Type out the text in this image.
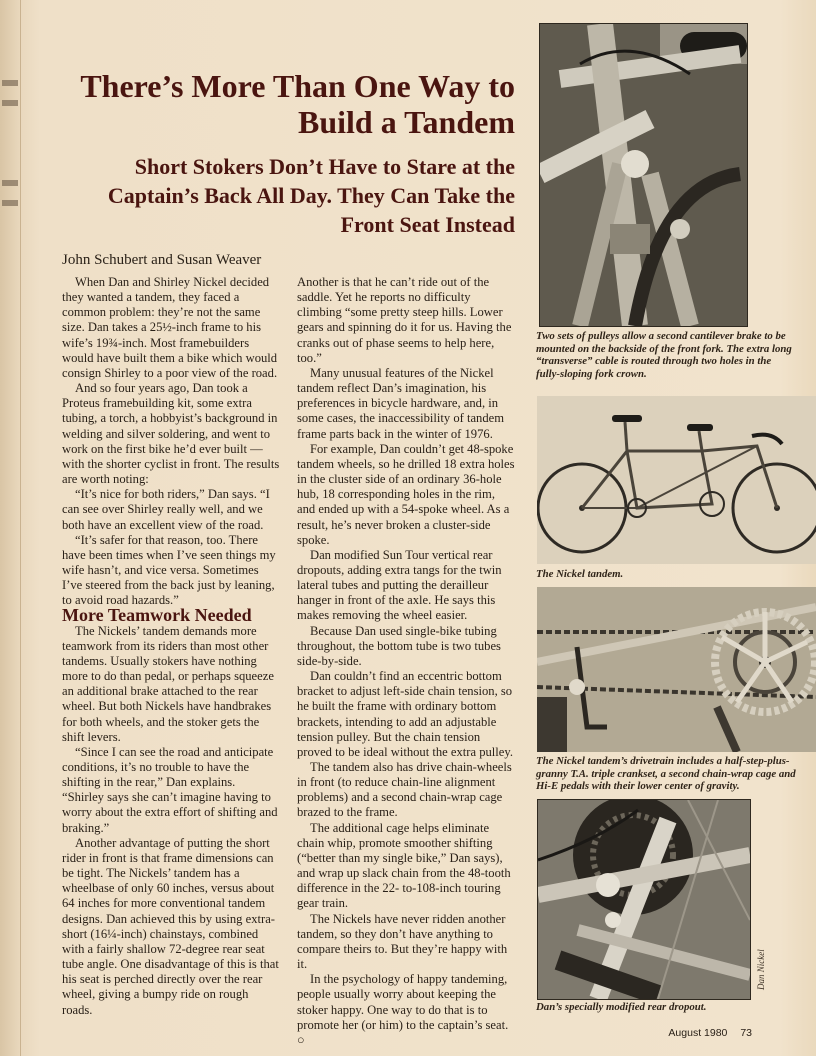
There’s More Than One Way to Build a Tandem
Short Stokers Don’t Have to Stare at the Captain’s Back All Day. They Can Take the Front Seat Instead
John Schubert and Susan Weaver

When Dan and Shirley Nickel decided they wanted a tandem, they faced a common problem: they’re not the same size. Dan takes a 25½-inch frame to his wife’s 19¾-inch. Most framebuilders would have built them a bike which would consign Shirley to a poor view of the road.

And so four years ago, Dan took a Proteus framebuilding kit, some extra tubing, a torch, a hobbyist’s background in welding and silver soldering, and went to work on the first bike he’d ever built — with the shorter cyclist in front. The results are worth noting:

“It’s nice for both riders,” Dan says. “I can see over Shirley really well, and we both have an excellent view of the road.

“It’s safer for that reason, too. There have been times when I’ve seen things my wife hasn’t, and vice versa. Sometimes I’ve steered from the back just by leaning, to avoid road hazards.”

More Teamwork Needed

The Nickels’ tandem demands more teamwork from its riders than most other tandems. Usually stokers have nothing more to do than pedal, or perhaps squeeze an additional brake attached to the rear wheel. But both Nickels have handbrakes for both wheels, and the stoker gets the shift levers.

“Since I can see the road and anticipate conditions, it’s no trouble to have the shifting in the rear,” Dan explains. “Shirley says she can’t imagine having to worry about the extra effort of shifting and braking.”

Another advantage of putting the short rider in front is that frame dimensions can be tight. The Nickels’ tandem has a wheelbase of only 60 inches, versus about 64 inches for more conventional tandem designs. Dan achieved this by using extra-short (16¼-inch) chainstays, combined with a fairly shallow 72-degree rear seat tube angle. One disadvantage of this is that his seat is perched directly over the rear wheel, giving a bumpy ride on rough roads.

Another is that he can’t ride out of the saddle. Yet he reports no difficulty climbing “some pretty steep hills. Lower gears and spinning do it for us. Having the cranks out of phase seems to help here, too.”

Many unusual features of the Nickel tandem reflect Dan’s imagination, his preferences in bicycle hardware, and, in some cases, the inaccessibility of tandem frame parts back in the winter of 1976.

For example, Dan couldn’t get 48-spoke tandem wheels, so he drilled 18 extra holes in the cluster side of an ordinary 36-hole hub, 18 corresponding holes in the rim, and ended up with a 54-spoke wheel. As a result, he’s never broken a cluster-side spoke.

Dan modified Sun Tour vertical rear dropouts, adding extra tangs for the twin lateral tubes and putting the derailleur hanger in front of the axle. He says this makes removing the wheel easier.

Because Dan used single-bike tubing throughout, the bottom tube is two tubes side-by-side.

Dan couldn’t find an eccentric bottom bracket to adjust left-side chain tension, so he built the frame with ordinary bottom brackets, intending to add an adjustable tension pulley. But the chain tension proved to be ideal without the extra pulley.

The tandem also has drive chain-wheels in front (to reduce chain-line alignment problems) and a second chain-wrap cage brazed to the frame.

The additional cage helps eliminate chain whip, promote smoother shifting (“better than my single bike,” Dan says), and wrap up slack chain from the 48-tooth difference in the 22- to-108-inch touring gear train.

The Nickels have never ridden another tandem, so they don’t have anything to compare theirs to. But they’re happy with it.

In the psychology of happy tandeming, people usually worry about keeping the stoker happy. One way to do that is to promote her (or him) to the captain’s seat. ○

Two sets of pulleys allow a second cantilever brake to be mounted on the backside of the front fork. The extra long “transverse” cable is routed through two holes in the fully-sloping fork crown.
The Nickel tandem.
The Nickel tandem’s drivetrain includes a half-step-plus-granny T.A. triple crankset, a second chain-wrap cage and Hi-E pedals with their lower center of gravity.
Dan Nickel
Dan’s specially modified rear dropout.
August 1980 73
